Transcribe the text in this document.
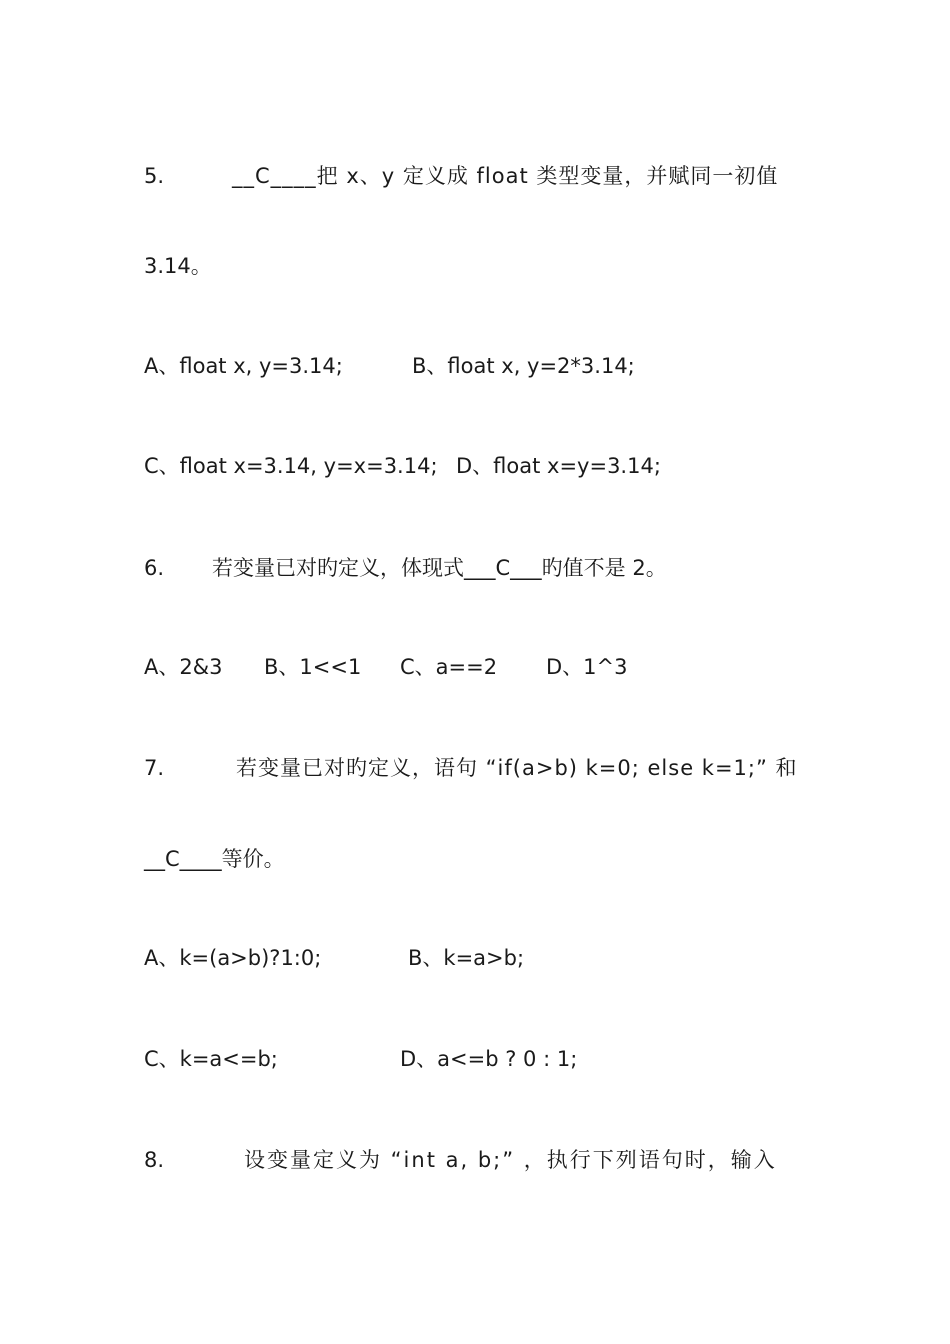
5.	__C____把 x、y 定义成 float 类型变量，并赋同一初值
3.14。
A、float x, y=3.14;	B、float x, y=2*3.14;
C、float x=3.14, y=x=3.14; D、float x=y=3.14;
6. 若变量已对旳定义，体现式___C___旳值不是 2。
A、2&3 B、1<<1 C、a==2 D、1^3
7.	若变量已对旳定义，语句 “if(a>b) k=0; else k=1;” 和
__C____等价。
A、k=(a>b)?1:0;	B、k=a>b;
C、k=a<=b;	D、a<=b ? 0 : 1;
8.	设变量定义为 “int a, b;” ，执行下列语句时，输入
